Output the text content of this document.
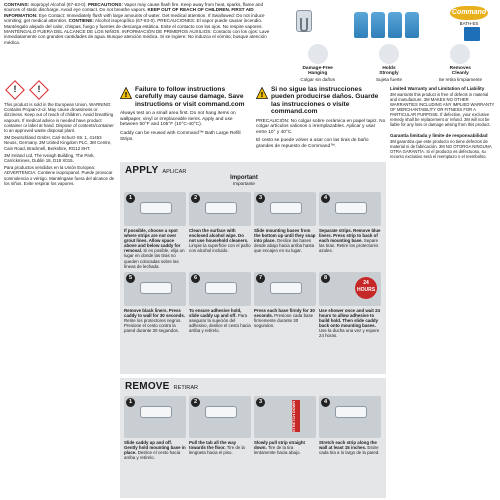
CONTAINS: Isopropyl Alcohol (67-63-0). PRECAUTIONS: Vapor may cause flash fire. Keep away from heat, sparks, flame and sources of static discharge. Avoid eye contact. Do not breathe vapors. KEEP OUT OF REACH OF CHILDREN. FIRST AID INFORMATION: Eye Contact: Immediately flush with large amounts of water. Get medical attention. If Swallowed: Do not induce vomiting; get medical attention. CONTIENE: Alcohol isopropílico (67-63-0). PRECAUCIONES: El vapor puede causar incendio. Manténgalo alejado del calor, chispas, fuego y fuentes de descarga estática. Evite el contacto con los ojos. No respire vapores. MANTÉNGALO FUERA DEL ALCANCE DE LOS NIÑOS. INFORMACIÓN DE PRIMEROS AUXILIOS: Contacto con los ojos: Lave inmediatamente con grandes cantidades de agua. Busque atención médica. Si se ingiere: No induzca el vómito; busque atención médica.
Command
BATH-ES
Damage-Free
Hanging
Colgar sin daños
Holds
Strongly
Sujeta fuerte
Removes
Cleanly
Se retira limpiamente
!
!

This product is sold in the European Union. WARNING: Contains Propan-2-ol. May cause drowsiness or dizziness. Keep out of reach of children. Avoid breathing vapours. If medical advice is needed have product container or label at hand. Dispose of contents/container to an approved waste disposal plant.

3M Deutschland GmbH, Carl-Schurz-Str. 1, 41453 Neuss, Germany. 3M United Kingdom PLC, 3M Centre, Cain Road, Bracknell, Berkshire, RG12 8HT.

3M Ireland Ltd, The Iveagh Building, The Park, Carrickmines, Dublin 18, D18 X015.

Para productos vendidos en la Unión Europea: ADVERTENCIA: Contiene isopropanol. Puede provocar somnolencia o vértigo. Manténgase fuera del alcance de los niños. Evite respirar los vapores.

!
Failure to follow instructions carefully may cause damage. Save instructions or visit command.com
Always test on a small area first. Do not hang items on wallpaper, vinyl or irreplaceable items. Apply and use between 50°F and 105°F (10°C-40°C).
Caddy can be reused with Command™ Bath Large Refill Strips.
!
Si no sigue las instrucciones pueden producirse daños. Guarde las instrucciones o visite command.com
PRECAUCIÓN: No colgar sobre cerámica en papel tapiz. No colgar artículos valiosos o irremplazables. Aplicar y usar entre 10° y 40°C.
El cesto se puede volver a usar con las tiras de baño grandes de repuesto de Command™.
Limited Warranty and Limitation of Liability

3M warrants this product is free of defects in material and manufacture. 3M MAKES NO OTHER WARRANTIES INCLUDING ANY IMPLIED WARRANTY OF MERCHANTABILITY OR FITNESS FOR A PARTICULAR PURPOSE. If defective, your exclusive remedy shall be replacement or refund. 3M will not be liable for any loss or damage arising from this product.

Garantía limitada y límite de responsabilidad

3M garantiza que este producto no tiene defectos de material ni de fabricación. 3M NO OTORGA NINGUNA OTRA GARANTÍA. Si el producto es defectuoso, su recurso exclusivo será el reemplazo o el reembolso.

APPLY APLICAR
Important
Importante
1
If possible, choose a spot where strips are not over grout lines. Allow space above and below caddy for removal. Si es posible, elija un lugar en donde las tiras no queden colocadas sobre las líneas de lechada.
2
Clean the surface with enclosed alcohol wipe. Do not use household cleaners. Limpie la superficie con el paño con alcohol incluido.
3
Slide mounting bases from the bottom up until they snap into place. Deslice las bases desde abajo hacia arriba hasta que encajen en su lugar.
4
Separate strips. Remove blue liners. Press strip to back of each mounting base. Separe las tiras. Retire los protectores azules.
5
Remove black liners. Press caddy to wall for 30 seconds. Retire los protectores negros. Presione el cesto contra la pared durante 30 segundos.
6
To ensure adhesive hold, slide caddy up and off. Para asegurar la sujeción del adhesivo, deslice el cesto hacia arriba y retírelo.
7
Press each base firmly for 30 seconds. Presione cada base firmemente durante 30 segundos.
8
24
HOURS
Use shower once and wait 24 hours to allow adhesive to build hold. Then slide caddy back onto mounting bases. Use la ducha una vez y espere 24 horas.
REMOVE RETIRAR
1
Slide caddy up and off. Gently hold mounting base in place. Deslice el cesto hacia arriba y retírelo.
2
Pull the tab all the way towards the floor. Tire de la lengüeta hacia el piso.
3	STRETCH DOWN
Slowly pull strip straight down. Tire de la tira lentamente hacia abajo.
4
Stretch each strip along the wall at least 15 inches. Estire cada tira a lo largo de la pared.
